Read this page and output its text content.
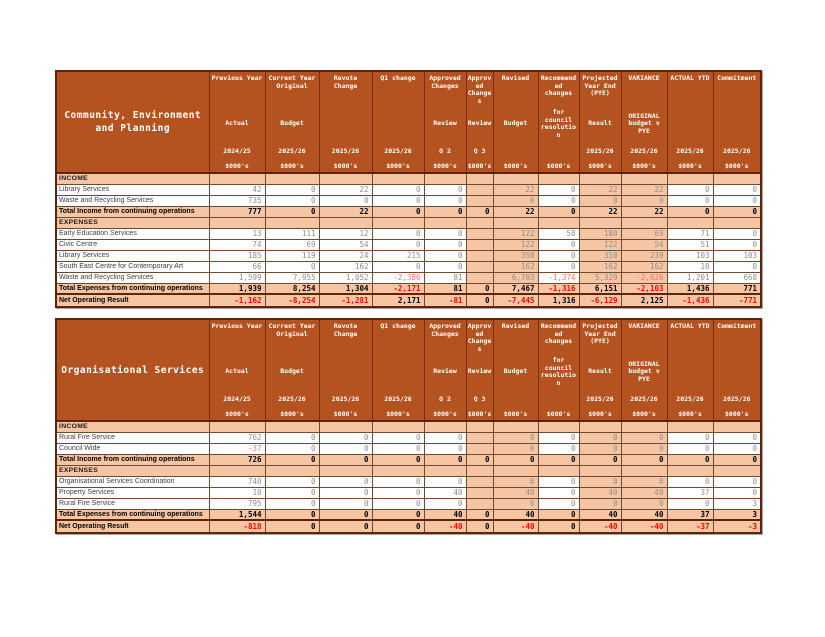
Community, Environment and Planning

Previous Year
Actual
2024/25
$000's

Current Year Original
Budget
2025/26
$000's

Revote Change
2025/26
$000's

Q1 change
2025/26
$000's

Approved Changes
Review
Q 2
$000's

Approved Changes
Review
Q 3
$000's

Revised
Budget
$000's

Recommended changes
for council resolution
$000's

Projected Year End (PYE)
Result
2025/26
$000's

VARIANCE
ORIGINAL budget v PYE
2025/26
$000's

ACTUAL YTD
2025/26
$000's

Commitment
2025/26
$000's

INCOME												
Library Services	42	0	22	0	0		22	0	22	22	0	0
Waste and Recycling Services	735	0	0	0	0		0	0	0	0	0	0
Total Income from continuing operations	777	0	22	0	0	0	22	0	22	22	0	0
EXPENSES												
Early Education Services	13	111	12	0	0		122	58	180	69	71	0
Civic Centre	74	69	54	0	0		122	0	122	54	51	0
Library Services	185	119	24	215	0		358	0	358	239	103	103
South East Centre for Contemporary Art	66	0	162	0	0		162	0	162	162	10	0
Waste and Recycling Services	1,599	7,955	1,052	-2,386	81		6,703	-1,374	5,329	-2,626	1,201	668
Total Expenses from continuing operations	1,939	8,254	1,304	-2,171	81	0	7,467	-1,316	6,151	-2,103	1,436	771
Net Operating Result	-1,162	-8,254	-1,281	2,171	-81	0	-7,445	1,316	-6,129	2,125	-1,436	-771
Organisational Services

Previous Year
Actual
2024/25
$000's

Current Year Original
Budget
2025/26
$000's

Revote Change
2025/26
$000's

Q1 change
2025/26
$000's

Approved Changes
Review
Q 2
$000's

Approved Changes
Review
Q 3
$000's

Revised
Budget
$000's

Recommended changes
for council resolution
$000's

Projected Year End (PYE)
Result
2025/26
$000's

VARIANCE
ORIGINAL budget v PYE
2025/26
$000's

ACTUAL YTD
2025/26
$000's

Commitment
2025/26
$000's

INCOME												
Rural Fire Service	762	0	0	0	0		0	0	0	0	0	0
Council Wide	-37	0	0	0	0		0	0	0	0	0	0
Total Income from continuing operations	726	0	0	0	0	0	0	0	0	0	0	0
EXPENSES												
Organisational Services Coordination	740	0	0	0	0		0	0	0	0	0	0
Property Services	10	0	0	0	40		40	0	40	40	37	0
Rural Fire Service	795	0	0	0	0		0	0	0	0	0	3
Total Expenses from continuing operations	1,544	0	0	0	40	0	40	0	40	40	37	3
Net Operating Result	-818	0	0	0	-40	0	-40	0	-40	-40	-37	-3
